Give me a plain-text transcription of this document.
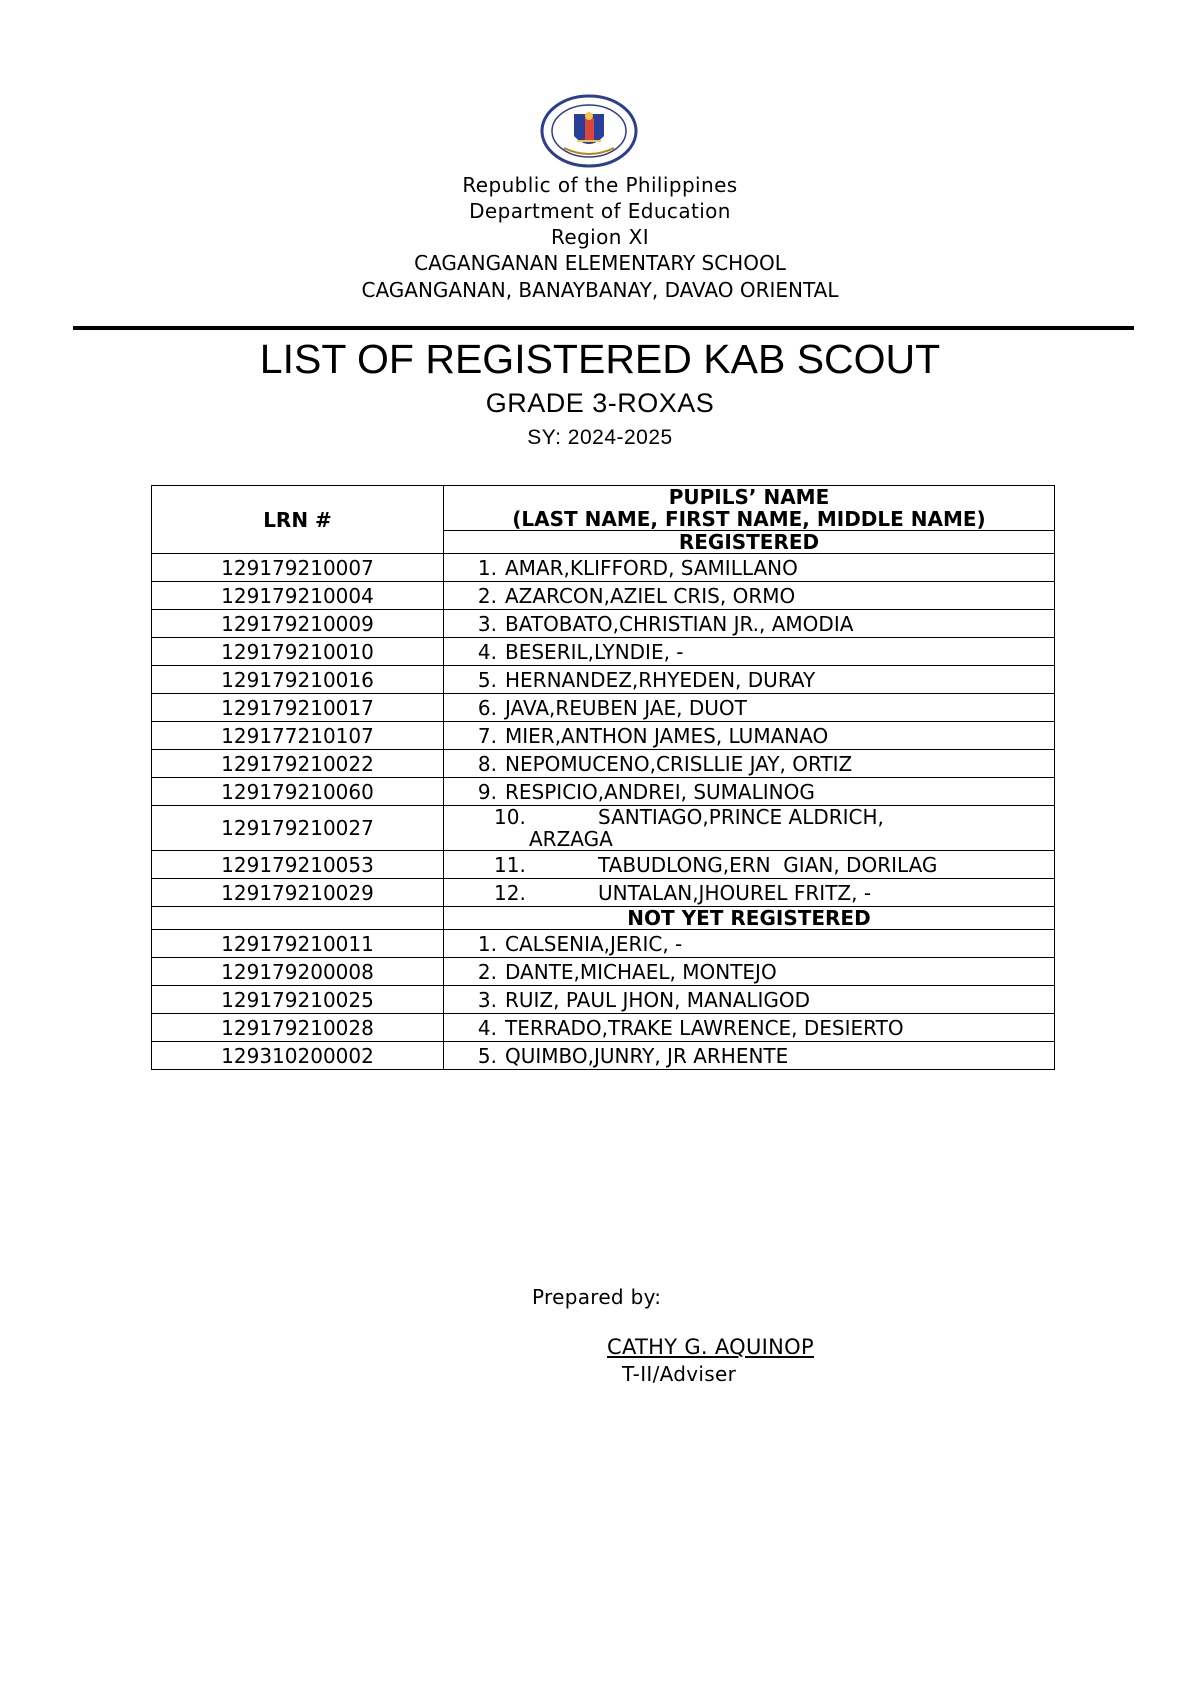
Republic of the Philippines
Department of Education
Region XI
CAGANGANAN ELEMENTARY SCHOOL
CAGANGANAN, BANAYBANAY, DAVAO ORIENTAL
LIST OF REGISTERED KAB SCOUT
GRADE 3-ROXAS
SY: 2024-2025
LRN #	PUPILS’ NAME
(LAST NAME, FIRST NAME, MIDDLE NAME)

	REGISTERED
129179210007	1. AMAR,KLIFFORD, SAMILLANO
129179210004	2. AZARCON,AZIEL CRIS, ORMO
129179210009	3. BATOBATO,CHRISTIAN JR., AMODIA
129179210010	4. BESERIL,LYNDIE, -
129179210016	5. HERNANDEZ,RHYEDEN, DURAY
129179210017	6. JAVA,REUBEN JAE, DUOT
129177210107	7. MIER,ANTHON JAMES, LUMANAO
129179210022	8. NEPOMUCENO,CRISLLIE JAY, ORTIZ
129179210060	9. RESPICIO,ANDREI, SUMALINOG
129179210027	10. SANTIAGO,PRINCE ALDRICH,
ARZAGA

129179210053	11. TABUDLONG,ERN  GIAN, DORILAG
129179210029	12. UNTALAN,JHOUREL FRITZ, -
	NOT YET REGISTERED
129179210011	1. CALSENIA,JERIC, -
129179200008	2. DANTE,MICHAEL, MONTEJO
129179210025	3. RUIZ, PAUL JHON, MANALIGOD
129179210028	4. TERRADO,TRAKE LAWRENCE, DESIERTO
129310200002	5. QUIMBO,JUNRY, JR ARHENTE
Prepared by:
CATHY G. AQUINOP
T-II/Adviser
